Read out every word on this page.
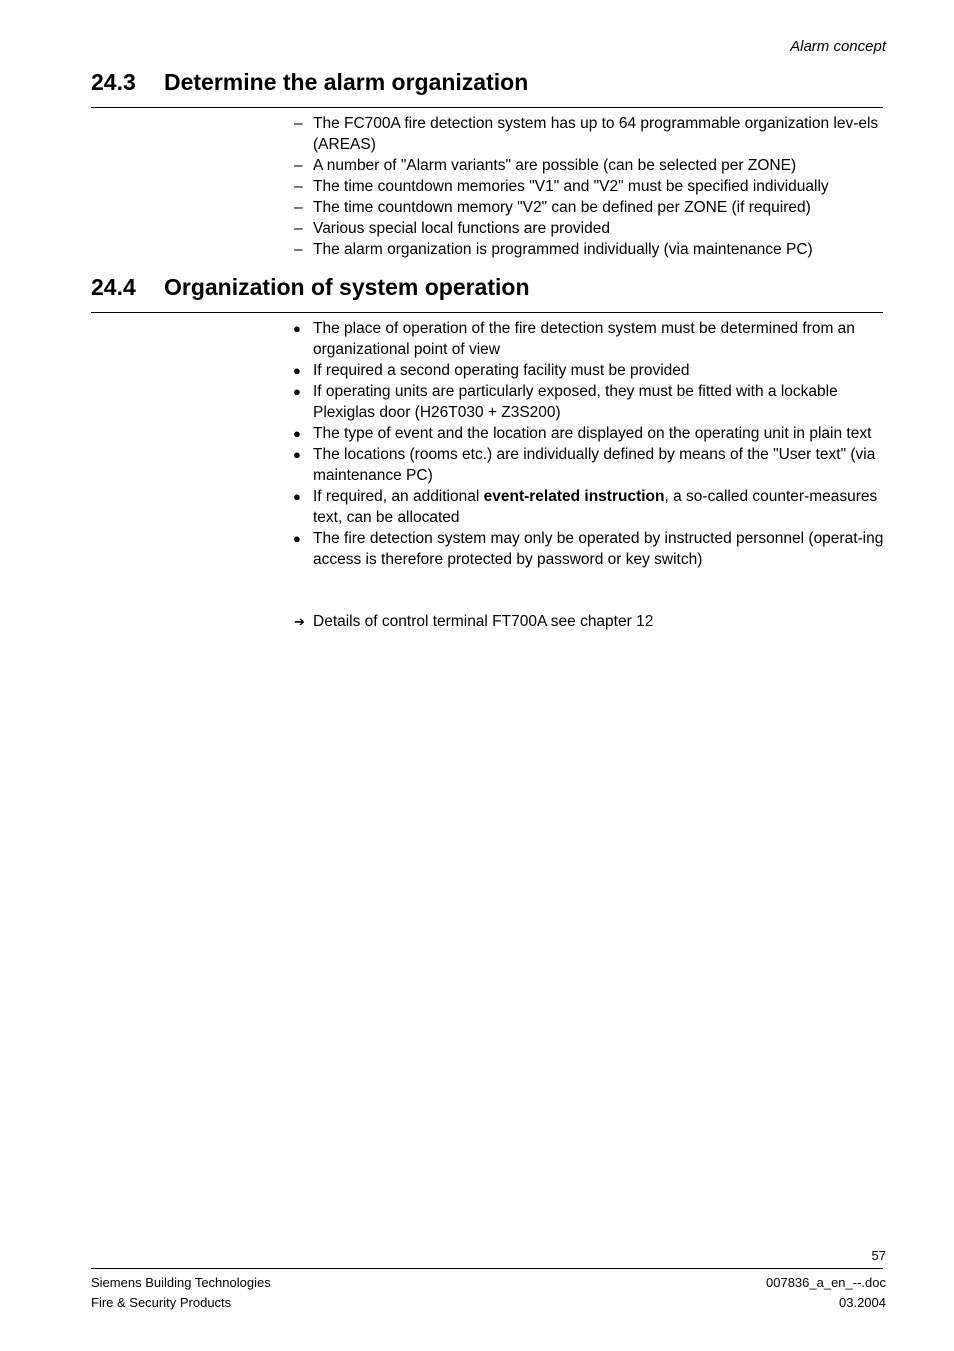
Alarm concept
24.3 Determine the alarm organization
– The FC700A fire detection system has up to 64 programmable organization lev-els (AREAS)
– A number of "Alarm variants" are possible (can be selected per ZONE)
– The time countdown memories "V1" and "V2" must be specified individually
– The time countdown memory "V2" can be defined per ZONE (if required)
– Various special local functions are provided
– The alarm organization is programmed individually (via maintenance PC)
24.4 Organization of system operation
● The place of operation of the fire detection system must be determined from an organizational point of view
● If required a second operating facility must be provided
● If operating units are particularly exposed, they must be fitted with a lockable Plexiglas door (H26T030 + Z3S200)
● The type of event and the location are displayed on the operating unit in plain text
● The locations (rooms etc.) are individually defined by means of the "User text" (via maintenance PC)
● If required, an additional event-related instruction, a so-called counter-measures text, can be allocated
● The fire detection system may only be operated by instructed personnel (operat-ing access is therefore protected by password or key switch)
➔ Details of control terminal FT700A see chapter 12
57
Siemens Building Technologies
Fire & Security Products
007836_a_en_--.doc
03.2004
